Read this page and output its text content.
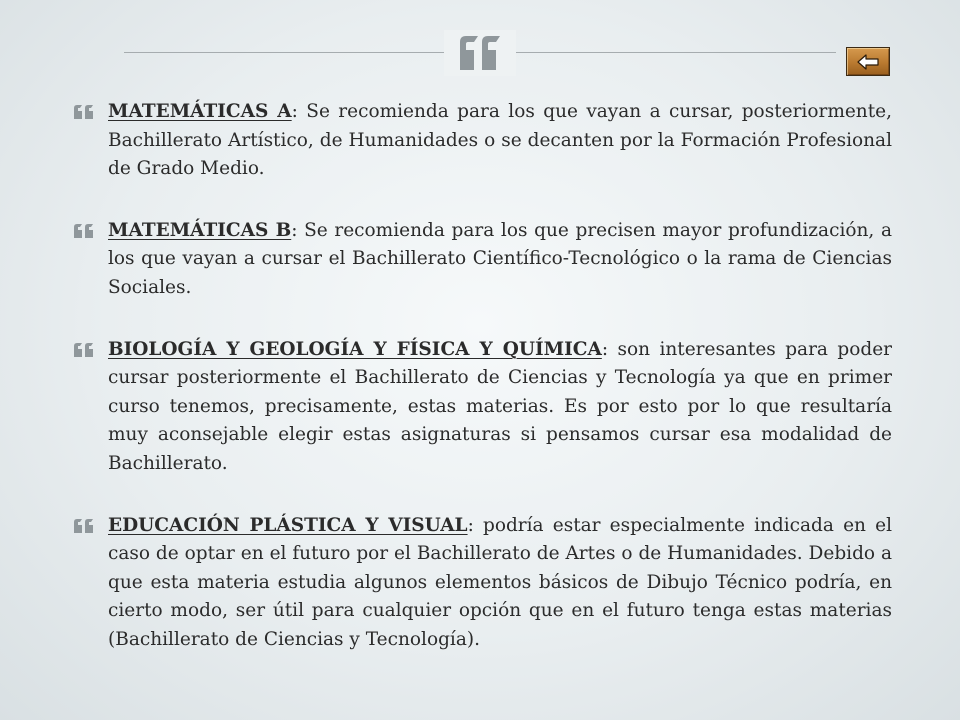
MATEMÁTICAS A: Se recomienda para los que vayan a cursar, posteriormente, Bachillerato Artístico, de Humanidades o se decanten por la Formación Profesional de Grado Medio.

MATEMÁTICAS B: Se recomienda para los que precisen mayor profundización, a los que vayan a cursar el Bachillerato Científico-Tecnológico o la rama de Ciencias Sociales.

BIOLOGÍA Y GEOLOGÍA Y FÍSICA Y QUÍMICA: son interesantes para poder cursar posteriormente el Bachillerato de Ciencias y Tecnología ya que en primer curso tenemos, precisamente, estas materias. Es por esto por lo que resultaría muy aconsejable elegir estas asignaturas si pensamos cursar esa modalidad de Bachillerato.

EDUCACIÓN PLÁSTICA Y VISUAL: podría estar especialmente indicada en el caso de optar en el futuro por el Bachillerato de Artes o de Humanidades. Debido a que esta materia estudia algunos elementos básicos de Dibujo Técnico podría, en cierto modo, ser útil para cualquier opción que en el futuro tenga estas materias (Bachillerato de Ciencias y Tecnología).
